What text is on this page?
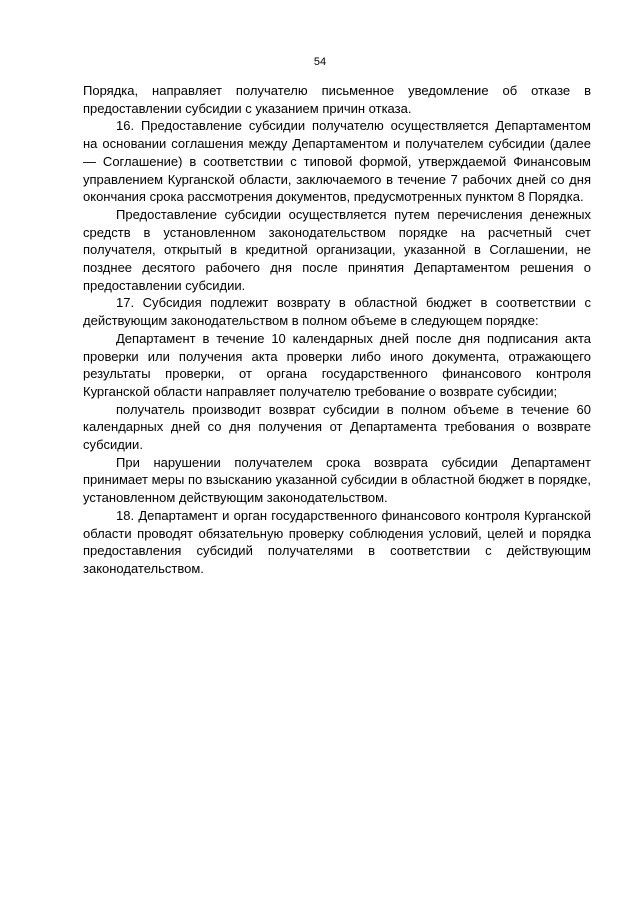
54

Порядка, направляет получателю письменное уведомление об отказе в предоставлении субсидии с указанием причин отказа.

16. Предоставление субсидии получателю осуществляется Департаментом на основании соглашения между Департаментом и получателем субсидии (далее — Соглашение) в соответствии с типовой формой, утверждаемой Финансовым управлением Курганской области, заключаемого в течение 7 рабочих дней со дня окончания срока рассмотрения документов, предусмотренных пунктом 8 Порядка.

Предоставление субсидии осуществляется путем перечисления денежных средств в установленном законодательством порядке на расчетный счет получателя, открытый в кредитной организации, указанной в Соглашении, не позднее десятого рабочего дня после принятия Департаментом решения о предоставлении субсидии.

17. Субсидия подлежит возврату в областной бюджет в соответствии с действующим законодательством в полном объеме в следующем порядке:

Департамент в течение 10 календарных дней после дня подписания акта проверки или получения акта проверки либо иного документа, отражающего результаты проверки, от органа государственного финансового контроля Курганской области направляет получателю требование о возврате субсидии;

получатель производит возврат субсидии в полном объеме в течение 60 календарных дней со дня получения от Департамента требования о возврате субсидии.

При нарушении получателем срока возврата субсидии Департамент принимает меры по взысканию указанной субсидии в областной бюджет в порядке, установленном действующим законодательством.

18. Департамент и орган государственного финансового контроля Курганской области проводят обязательную проверку соблюдения условий, целей и порядка предоставления субсидий получателями в соответствии с действующим законодательством.
